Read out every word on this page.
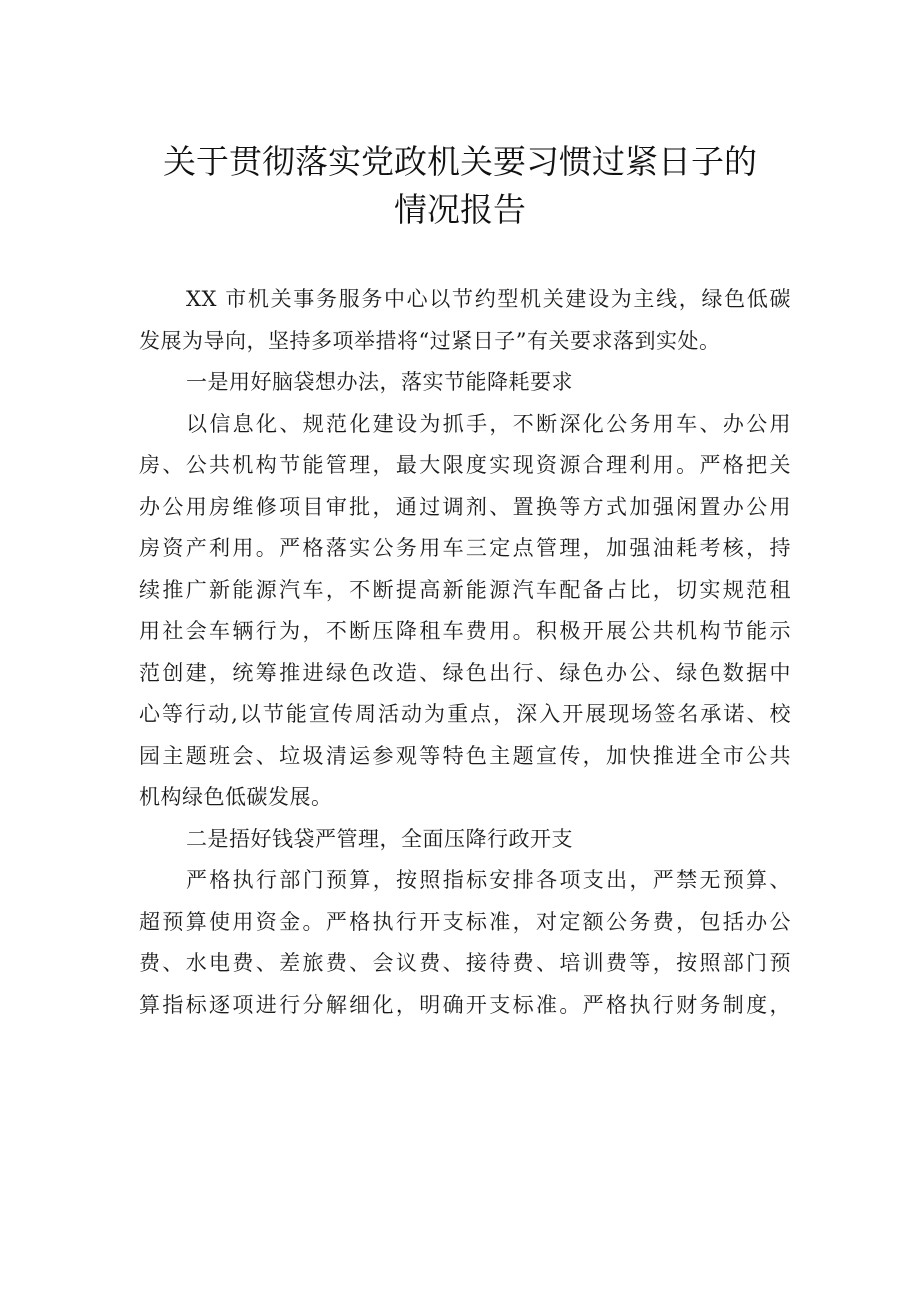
关于贯彻落实党政机关要习惯过紧日子的
情况报告

XX 市机关事务服务中心以节约型机关建设为主线，绿色低碳
发展为导向，坚持多项举措将“过紧日子”有关要求落到实处。

一是用好脑袋想办法，落实节能降耗要求

以信息化、规范化建设为抓手，不断深化公务用车、办公用
房、公共机构节能管理，最大限度实现资源合理利用。严格把关
办公用房维修项目审批，通过调剂、置换等方式加强闲置办公用
房资产利用。严格落实公务用车三定点管理，加强油耗考核，持
续推广新能源汽车，不断提高新能源汽车配备占比，切实规范租
用社会车辆行为，不断压降租车费用。积极开展公共机构节能示
范创建，统筹推进绿色改造、绿色出行、绿色办公、绿色数据中
心等行动,以节能宣传周活动为重点，深入开展现场签名承诺、校
园主题班会、垃圾清运参观等特色主题宣传，加快推进全市公共
机构绿色低碳发展。

二是捂好钱袋严管理，全面压降行政开支

严格执行部门预算，按照指标安排各项支出，严禁无预算、
超预算使用资金。严格执行开支标准，对定额公务费，包括办公
费、水电费、差旅费、会议费、接待费、培训费等，按照部门预
算指标逐项进行分解细化，明确开支标准。严格执行财务制度，
